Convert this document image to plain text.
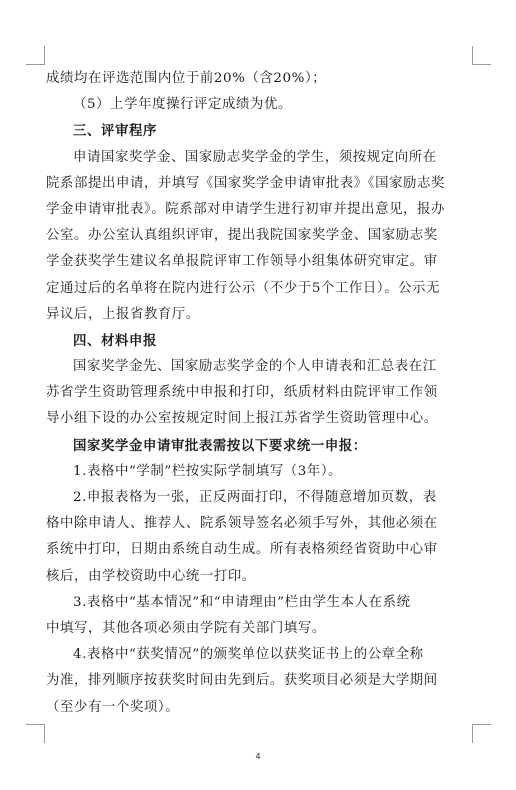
成绩均在评选范围内位于前20%（含20%）；
（5）上学年度操行评定成绩为优。
三、评审程序
申请国家奖学金、国家励志奖学金的学生，须按规定向所在
院系部提出申请，并填写《国家奖学金申请审批表》《国家励志奖
学金申请审批表》。院系部对申请学生进行初审并提出意见，报办
公室。办公室认真组织评审，提出我院国家奖学金、国家励志奖
学金获奖学生建议名单报院评审工作领导小组集体研究审定。审
定通过后的名单将在院内进行公示（不少于5个工作日）。公示无
异议后，上报省教育厅。
四、材料申报
国家奖学金先、国家励志奖学金的个人申请表和汇总表在江
苏省学生资助管理系统中申报和打印，纸质材料由院评审工作领
导小组下设的办公室按规定时间上报江苏省学生资助管理中心。
国家奖学金申请审批表需按以下要求统一申报：
1.表格中“学制”栏按实际学制填写（3年）。
2.申报表格为一张，正反两面打印，不得随意增加页数，表
格中除申请人、推荐人、院系领导签名必须手写外，其他必须在
系统中打印，日期由系统自动生成。所有表格须经省资助中心审
核后，由学校资助中心统一打印。
3.表格中“基本情况”和“申请理由”栏由学生本人在系统
中填写，其他各项必须由学院有关部门填写。
4.表格中“获奖情况”的颁奖单位以获奖证书上的公章全称
为准，排列顺序按获奖时间由先到后。获奖项目必须是大学期间
（至少有一个奖项）。
4
